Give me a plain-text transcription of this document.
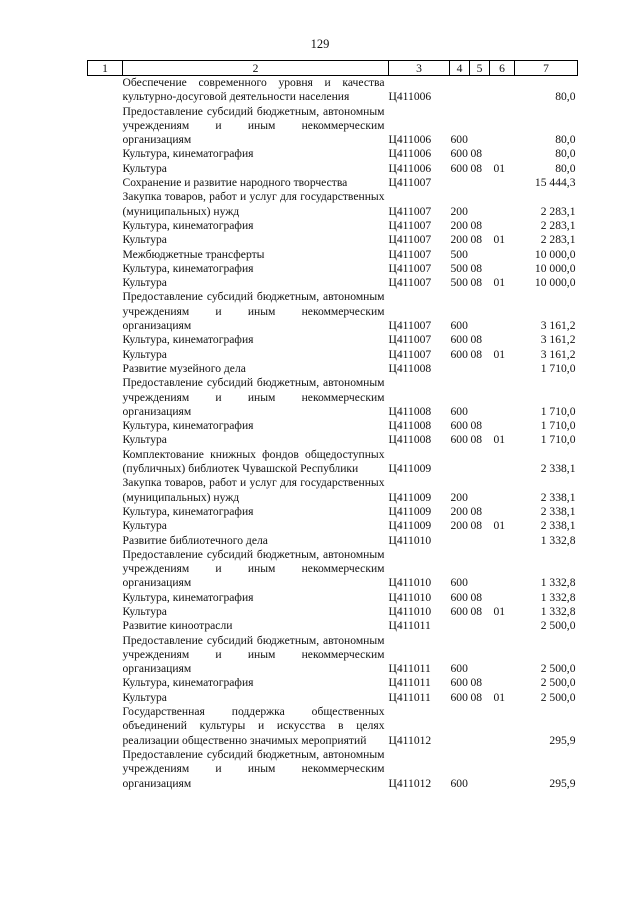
129
1	2	3	4	5	6	7
	Обеспечение современного уровня и качества культурно-досуговой деятельности населения	Ц411006				80,0
	Предоставление субсидий бюджетным, автономным учреждениям и иным некоммерческим организациям	Ц411006	600			80,0
	Культура, кинематография	Ц411006	600	08		80,0
	Культура	Ц411006	600	08	01	80,0
	Сохранение и развитие народного творчества	Ц411007				15 444,3
	Закупка товаров, работ и услуг для государственных (муниципальных) нужд	Ц411007	200			2 283,1
	Культура, кинематография	Ц411007	200	08		2 283,1
	Культура	Ц411007	200	08	01	2 283,1
	Межбюджетные трансферты	Ц411007	500			10 000,0
	Культура, кинематография	Ц411007	500	08		10 000,0
	Культура	Ц411007	500	08	01	10 000,0
	Предоставление субсидий бюджетным, автономным учреждениям и иным некоммерческим организациям	Ц411007	600			3 161,2
	Культура, кинематография	Ц411007	600	08		3 161,2
	Культура	Ц411007	600	08	01	3 161,2
	Развитие музейного дела	Ц411008				1 710,0
	Предоставление субсидий бюджетным, автономным учреждениям и иным некоммерческим организациям	Ц411008	600			1 710,0
	Культура, кинематография	Ц411008	600	08		1 710,0
	Культура	Ц411008	600	08	01	1 710,0
	Комплектование книжных фондов общедоступных (публичных) библиотек Чувашской Республики	Ц411009				2 338,1
	Закупка товаров, работ и услуг для государственных (муниципальных) нужд	Ц411009	200			2 338,1
	Культура, кинематография	Ц411009	200	08		2 338,1
	Культура	Ц411009	200	08	01	2 338,1
	Развитие библиотечного дела	Ц411010				1 332,8
	Предоставление субсидий бюджетным, автономным учреждениям и иным некоммерческим организациям	Ц411010	600			1 332,8
	Культура, кинематография	Ц411010	600	08		1 332,8
	Культура	Ц411010	600	08	01	1 332,8
	Развитие киноотрасли	Ц411011				2 500,0
	Предоставление субсидий бюджетным, автономным учреждениям и иным некоммерческим организациям	Ц411011	600			2 500,0
	Культура, кинематография	Ц411011	600	08		2 500,0
	Культура	Ц411011	600	08	01	2 500,0
	Государственная поддержка общественных объединений культуры и искусства в целях реализации общественно значимых мероприятий	Ц411012				295,9
	Предоставление субсидий бюджетным, автономным учреждениям и иным некоммерческим организациям	Ц411012	600			295,9
